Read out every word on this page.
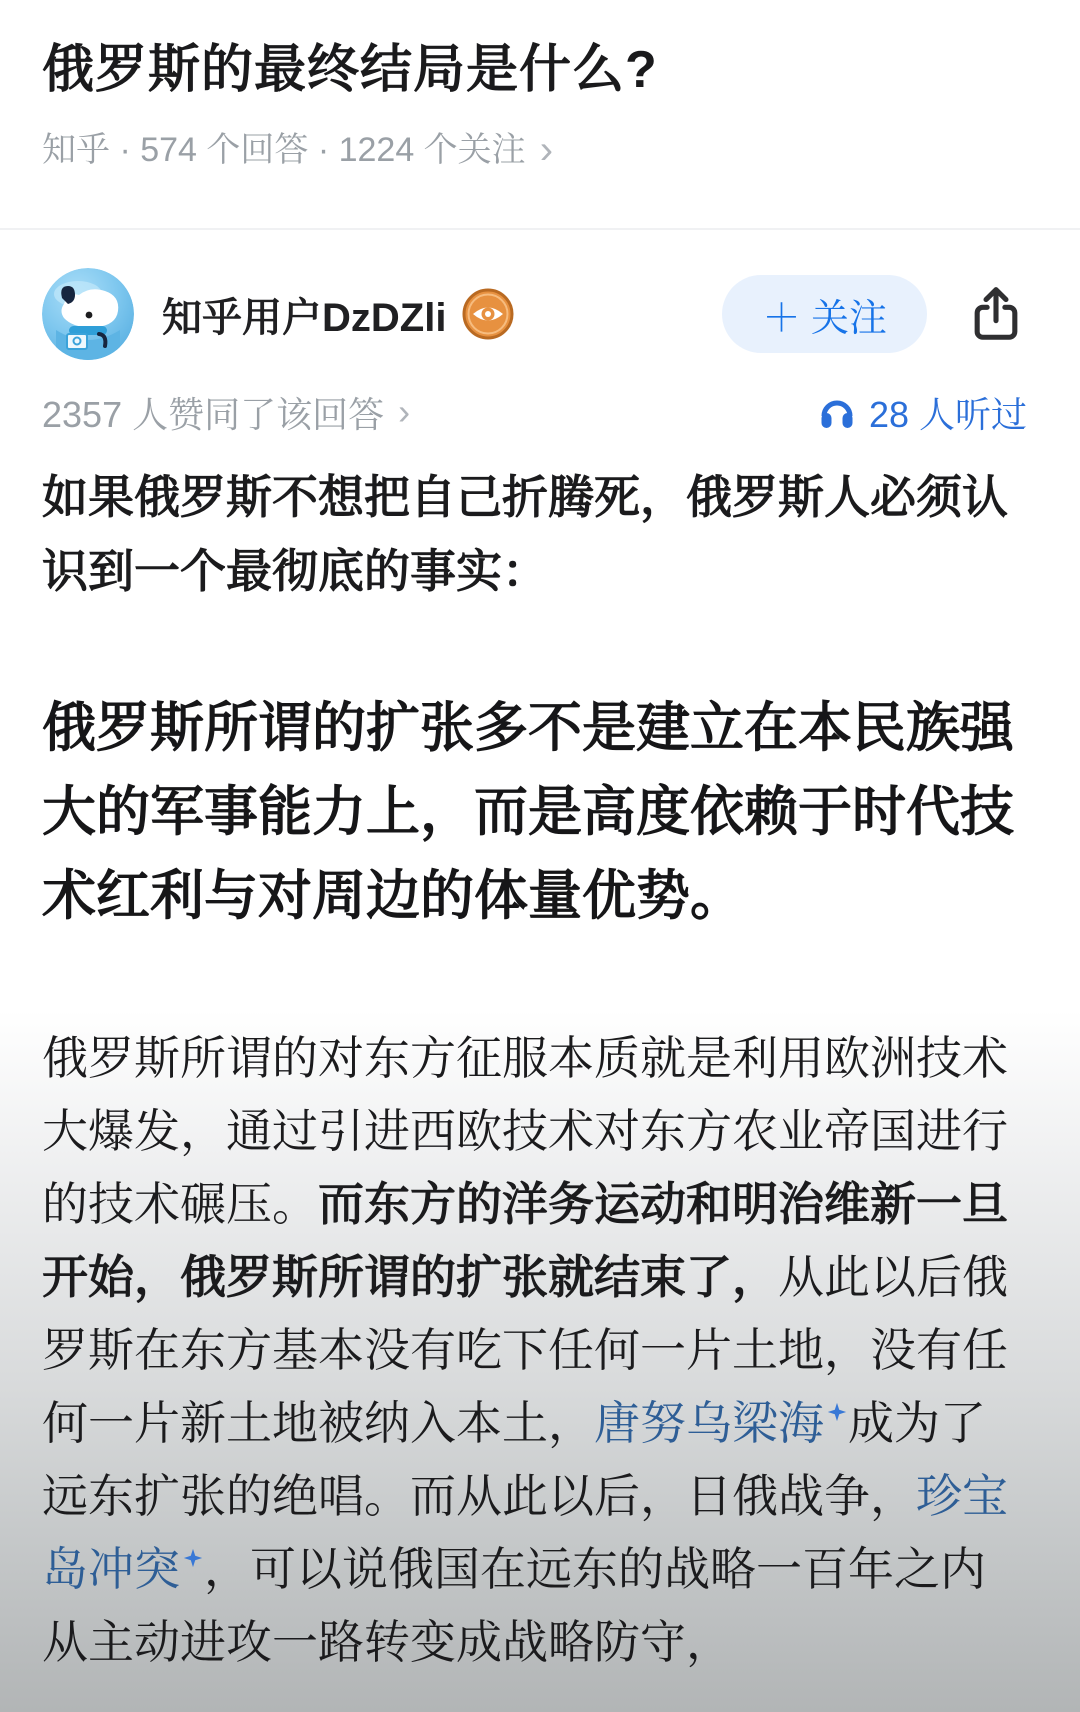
俄罗斯的最终结局是什么?
知乎 · 574 个回答 · 1224 个关注 ›
知乎用户DzDZli	＋ 关注
2357 人赞同了该回答 ›	28 人听过

如果俄罗斯不想把自己折腾死，俄罗斯人必须认识到一个最彻底的事实：

俄罗斯所谓的扩张多不是建立在本民族强大的军事能力上，而是高度依赖于时代技术红利与对周边的体量优势。

俄罗斯所谓的对东方征服本质就是利用欧洲技术大爆发，通过引进西欧技术对东方农业帝国进行的技术碾压。而东方的洋务运动和明治维新一旦开始，俄罗斯所谓的扩张就结束了，从此以后俄罗斯在东方基本没有吃下任何一片土地，没有任何一片新土地被纳入本土，唐努乌梁海 成为了远东扩张的绝唱。而从此以后，日俄战争，珍宝岛冲突 ，可以说俄国在远东的战略一百年之内从主动进攻一路转变成战略防守，
